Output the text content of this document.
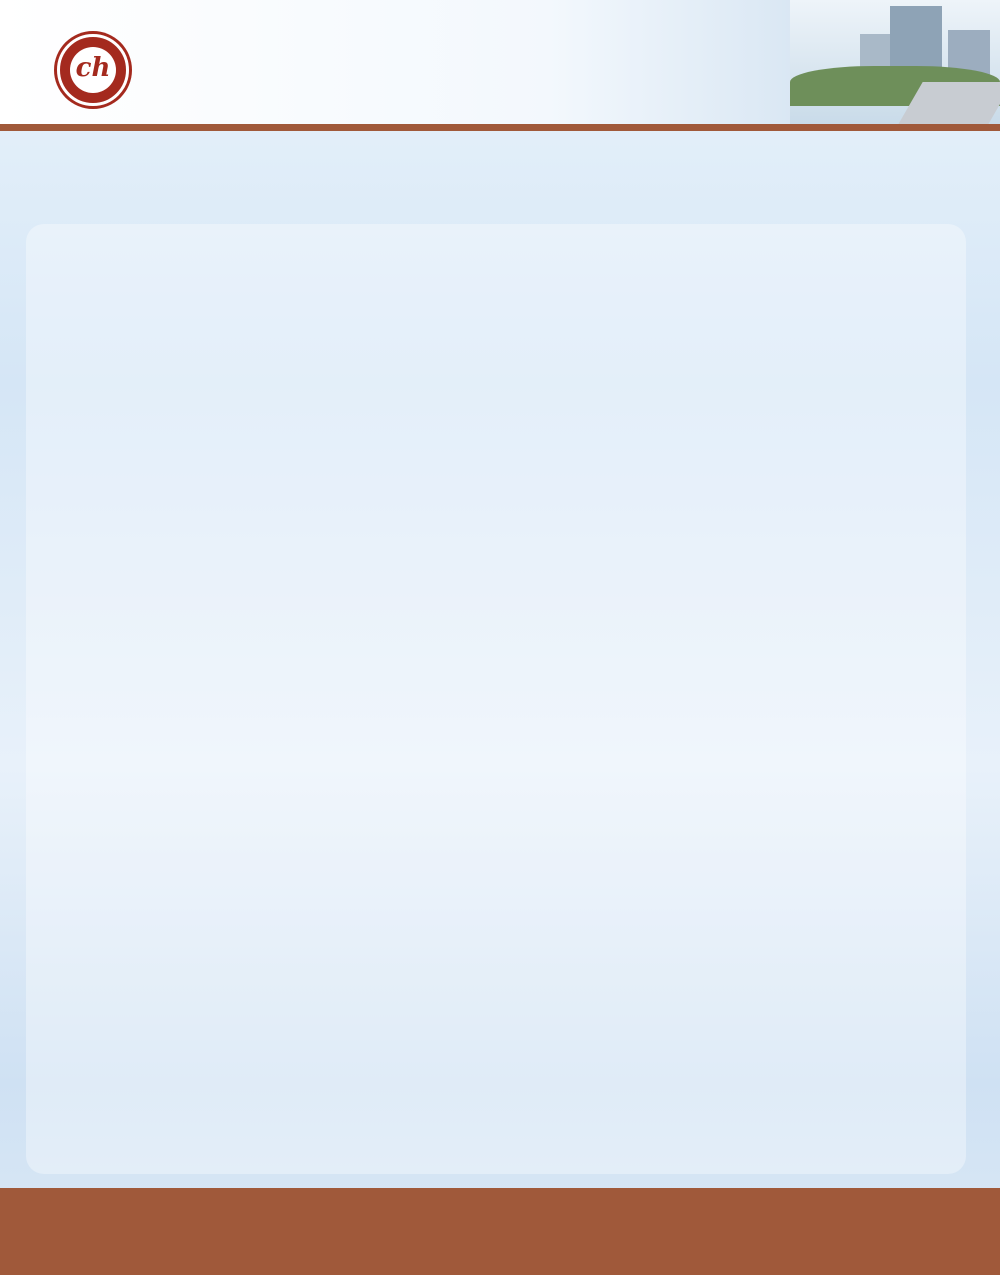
ch
